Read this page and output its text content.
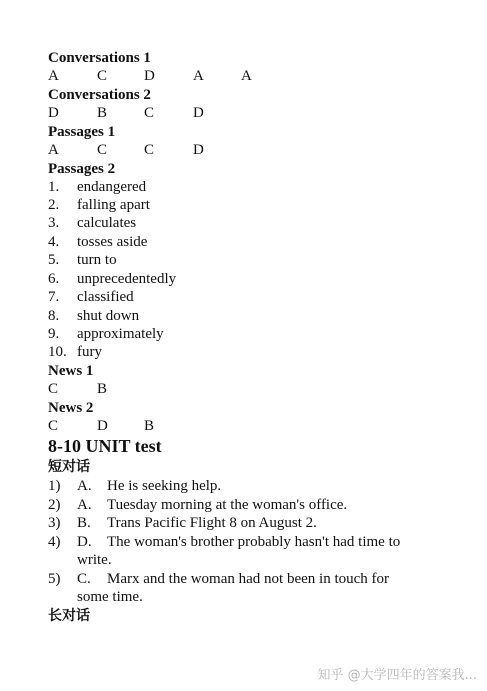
Conversations 1
A	C D	A A
Conversations 2
D	B C	D
Passages 1
A	C C	D
Passages 2
1. endangered
2. falling apart
3. calculates
4. tosses aside
5. turn to
6. unprecedentedly
7. classified
8. shut down
9. approximately
10. fury
News 1
C	B
News 2
C	D B
8-10 UNIT test
短对话
1) A. He is seeking help.
2) A. Tuesday morning at the woman's office.
3) B. Trans Pacific Flight 8 on August 2.
4) D. The woman's brother probably hasn't had time to
write.
5) C. Marx and the woman had not been in touch for
some time.
长对话
知乎 @大学四年的答案我...
